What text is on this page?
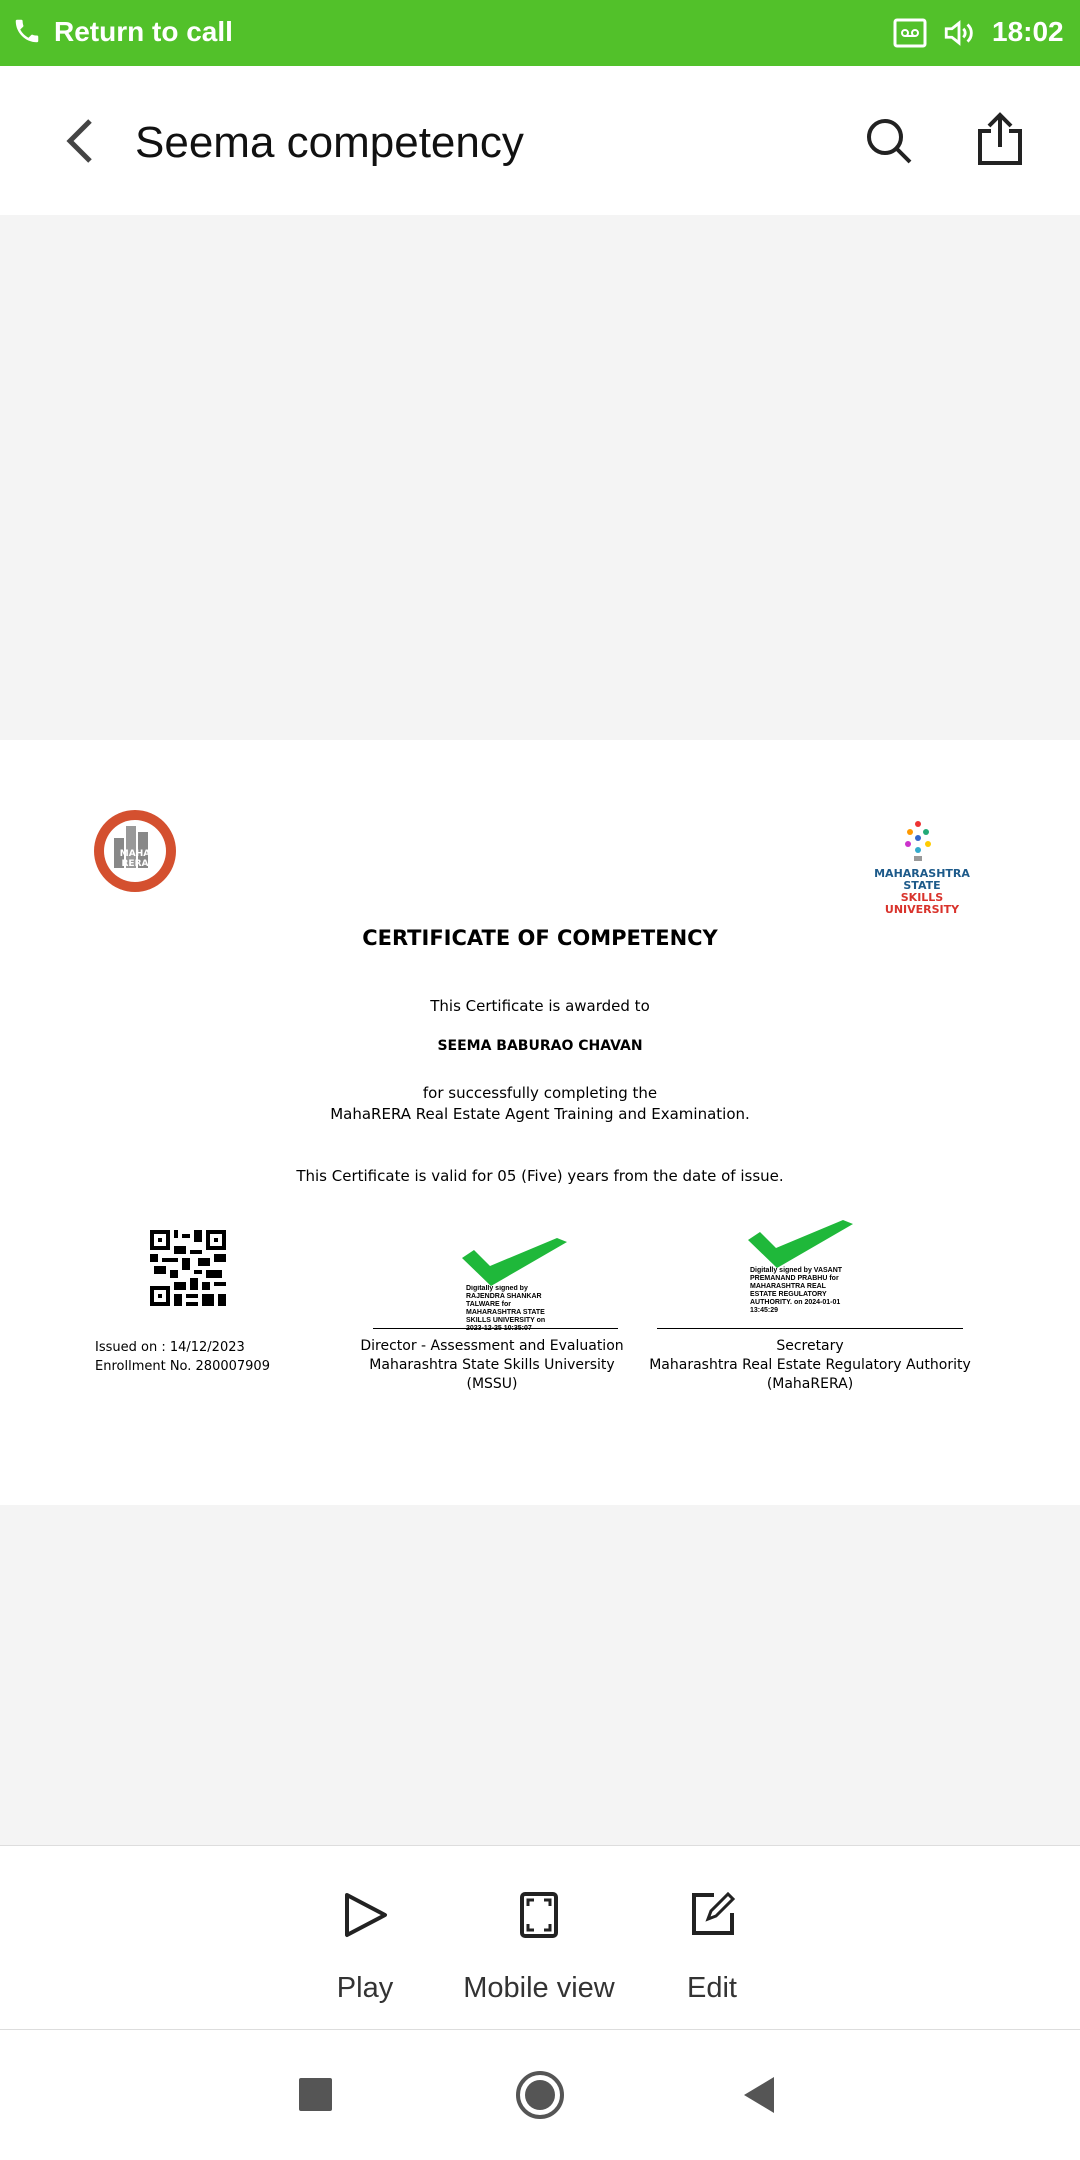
Return to call	18:02
Seema competency
MAHA
RERA
MAHARASHTRA STATE
SKILLS UNIVERSITY
CERTIFICATE OF COMPETENCY
This Certificate is awarded to
SEEMA BABURAO CHAVAN
for successfully completing the
MahaRERA Real Estate Agent Training and Examination.
This Certificate is valid for 05 (Five) years from the date of issue.
Issued on : 14/12/2023
Enrollment No. 280007909
Digitally signed by RAJENDRA SHANKAR TALWARE for MAHARASHTRA STATE SKILLS UNIVERSITY on 2023-12-25 10:35:07
Director - Assessment and Evaluation
Maharashtra State Skills University
(MSSU)
Digitally signed by VASANT PREMANAND PRABHU for MAHARASHTRA REAL ESTATE REGULATORY AUTHORITY. on 2024-01-01 13:45:29
Secretary
Maharashtra Real Estate Regulatory Authority
(MahaRERA)
Play	Mobile view	Edit
